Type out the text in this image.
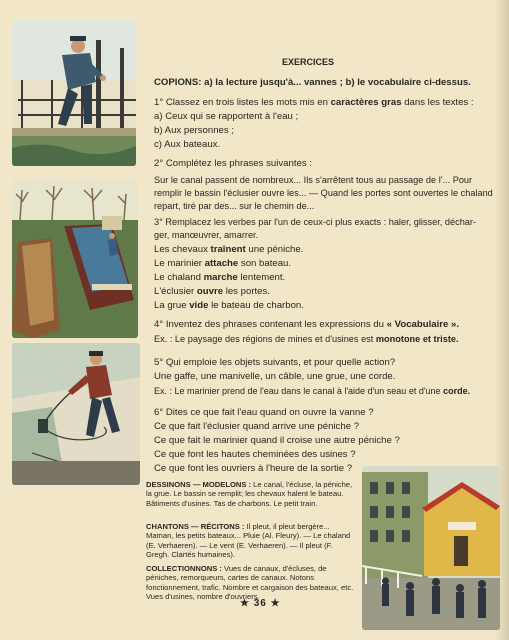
EXERCICES
COPIONS: a) la lecture jusqu'à... vannes ; b) le vocabulaire ci-dessus.
1° Classez en trois listes les mots mis en caractères gras dans les textes :
a) Ceux qui se rapportent à l'eau ;
b) Aux personnes ;
c) Aux bateaux.
2° Complétez les phrases suivantes :
Sur le canal passent de nombreux... Ils s'arrêtent tous au passage de l'... Pour
remplir le bassin l'éclusier ouvre les... — Quand les portes sont ouvertes le chaland
repart, tiré par des... sur le chemin de...
3° Remplacez les verbes par l'un de ceux-ci plus exacts : haler, glisser, déchar-
ger, manœuvrer, amarrer.
Les chevaux traînent une péniche.
Le marinier attache son bateau.
Le chaland marche lentement.
L'éclusier ouvre les portes.
La grue vide le bateau de charbon.
4° Inventez des phrases contenant les expressions du « Vocabulaire ».
Ex. : Le paysage des régions de mines et d'usines est monotone et triste.
5° Qui emploie les objets suivants, et pour quelle action?
Une gaffe, une manivelle, un câble, une grue, une corde.
Ex. : Le marinier prend de l'eau dans le canal à l'aide d'un seau et d'une corde.
6° Dites ce que fait l'eau quand on ouvre la vanne ?
Ce que fait l'éclusier quand arrive une péniche ?
Ce que fait le marinier quand il croise une autre péniche ?
Ce que font les hautes cheminées des usines ?
Ce que font les ouvriers à l'heure de la sortie ?
DESSINONS — MODELONS : Le canal, l'écluse, la péniche, la grue. Le bassin se remplit; les chevaux halent le bateau. Bâtiments d'usines. Tas de charbons. Le petit train.
CHANTONS — RÉCITONS : Il pleut, il pleut bergère... Maman, les petits bateaux... Pluie (Al. Fleury). — Le chaland (E. Verhaeren). — Le vent (E. Verhaeren). — Il pleut (F. Gregh. Clartés humaines).
COLLECTIONNONS : Vues de canaux, d'écluses, de péniches, remorqueurs, cartes de canaux. Notons fonctionnement, trafic. Nombre et cargaison des bateaux, etc. Vues d'usines, nombre d'ouvriers.
★ 36 ★
